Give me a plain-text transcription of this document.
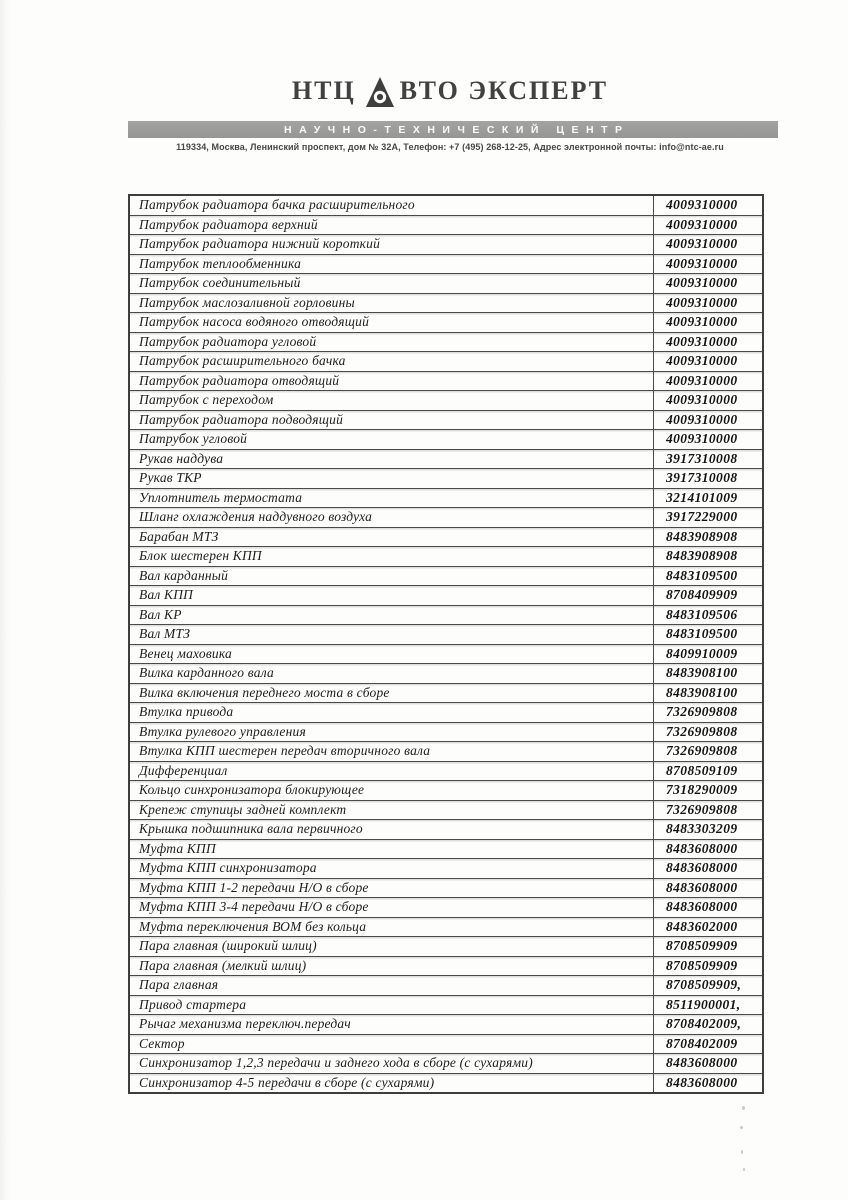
НТЦ ВТО ЭКСПЕРТ
НАУЧНО-ТЕХНИЧЕСКИЙ ЦЕНТР	·
119334, Москва, Ленинский проспект, дом № 32А, Телефон: +7 (495) 268-12-25, Адрес электронной почты: info@ntc-ae.ru
Патрубок радиатора бачка расширительного	4009310000
Патрубок радиатора верхний	4009310000
Патрубок радиатора нижний короткий	4009310000
Патрубок теплообменника	4009310000
Патрубок соединительный	4009310000
Патрубок маслозаливной горловины	4009310000
Патрубок насоса водяного отводящий	4009310000
Патрубок радиатора угловой	4009310000
Патрубок расширительного бачка	4009310000
Патрубок радиатора отводящий	4009310000
Патрубок с переходом	4009310000
Патрубок радиатора подводящий	4009310000
Патрубок угловой	4009310000
Рукав наддува	3917310008
Рукав ТКР	3917310008
Уплотнитель термостата	3214101009
Шланг охлаждения наддувного воздуха	3917229000
Барабан МТЗ	8483908908
Блок шестерен КПП	8483908908
Вал карданный	8483109500
Вал КПП	8708409909
Вал КР	8483109506
Вал МТЗ	8483109500
Венец маховика	8409910009
Вилка карданного вала	8483908100
Вилка включения переднего моста в сборе	8483908100
Втулка привода	7326909808
Втулка рулевого управления	7326909808
Втулка КПП шестерен передач вторичного вала	7326909808
Дифференциал	8708509109
Кольцо синхронизатора блокирующее	7318290009
Крепеж ступицы задней комплект	7326909808
Крышка подшипника вала первичного	8483303209
Муфта КПП	8483608000
Муфта КПП синхронизатора	8483608000
Муфта КПП 1-2 передачи Н/О в сборе	8483608000
Муфта КПП 3-4 передачи Н/О в сборе	8483608000
Муфта переключения ВОМ без кольца	8483602000
Пара главная (широкий шлиц)	8708509909
Пара главная (мелкий шлиц)	8708509909
Пара главная	8708509909,
Привод стартера	8511900001,
Рычаг механизма переключ.передач	8708402009,
Сектор	8708402009
Синхронизатор 1,2,3 передачи и заднего хода в сборе (с сухарями)	8483608000
Синхронизатор 4-5 передачи в сборе (с сухарями)	8483608000
